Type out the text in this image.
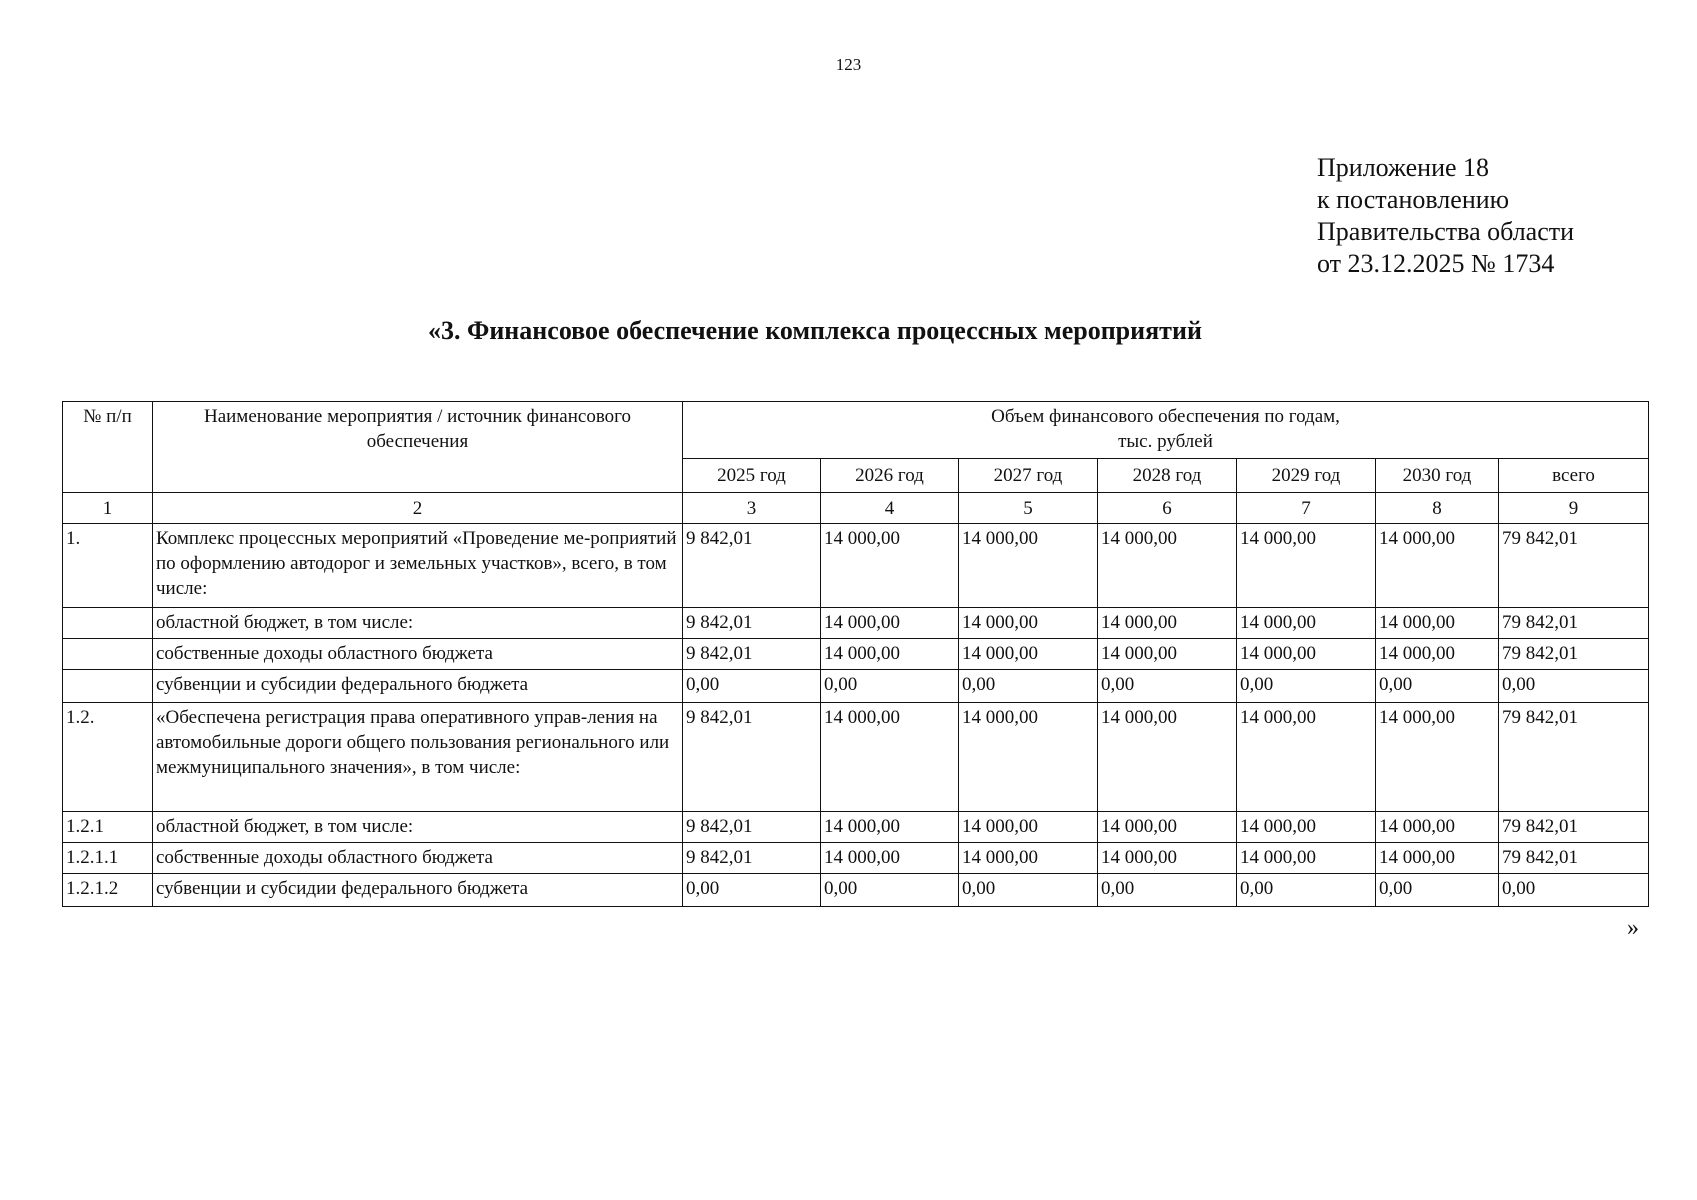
123
Приложение 18
к постановлению
Правительства области
от 23.12.2025 № 1734
«3. Финансовое обеспечение комплекса процессных мероприятий
№ п/п	Наименование мероприятия / источник финансового обеспечения	Объем финансового обеспечения по годам,
тыс. рублей						

		2025 год	2026 год	2027 год	2028 год	2029 год	2030 год	всего
1	2	3	4	5	6	7	8	9
1.	Комплекс процессных мероприятий «Проведение ме-роприятий по оформлению автодорог и земельных участков», всего, в том числе:	9 842,01	14 000,00	14 000,00	14 000,00	14 000,00	14 000,00	79 842,01
	областной бюджет, в том числе:	9 842,01	14 000,00	14 000,00	14 000,00	14 000,00	14 000,00	79 842,01
	собственные доходы областного бюджета	9 842,01	14 000,00	14 000,00	14 000,00	14 000,00	14 000,00	79 842,01
	субвенции и субсидии федерального бюджета	0,00	0,00	0,00	0,00	0,00	0,00	0,00
1.2.	«Обеспечена регистрация права оперативного управ-ления на автомобильные дороги общего пользования регионального или межмуниципального значения», в том числе:	9 842,01	14 000,00	14 000,00	14 000,00	14 000,00	14 000,00	79 842,01
1.2.1	областной бюджет, в том числе:	9 842,01	14 000,00	14 000,00	14 000,00	14 000,00	14 000,00	79 842,01
1.2.1.1	собственные доходы областного бюджета	9 842,01	14 000,00	14 000,00	14 000,00	14 000,00	14 000,00	79 842,01
1.2.1.2	субвенции и субсидии федерального бюджета	0,00	0,00	0,00	0,00	0,00	0,00	0,00
»
